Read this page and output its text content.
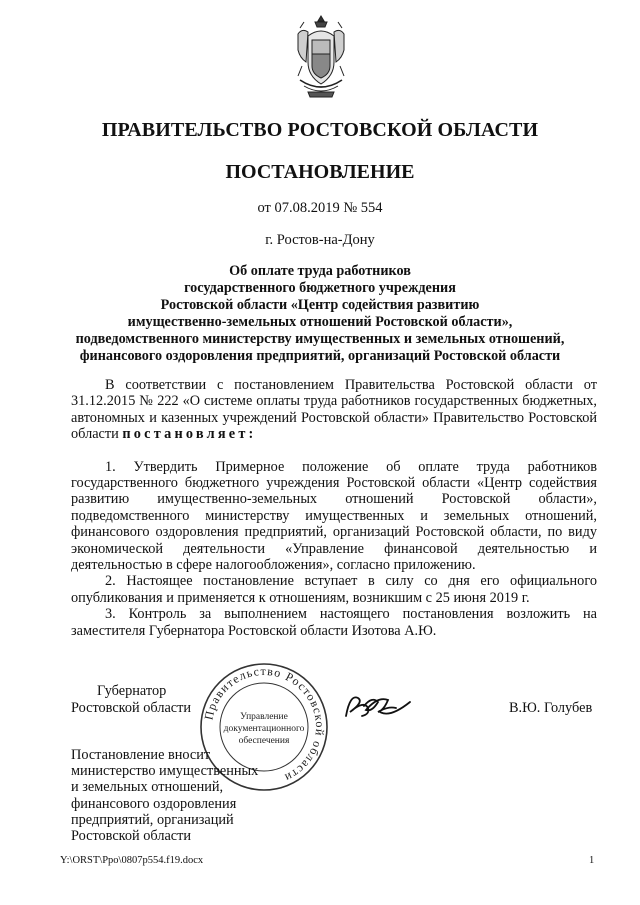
ПРАВИТЕЛЬСТВО РОСТОВСКОЙ ОБЛАСТИ
ПОСТАНОВЛЕНИЕ
от 07.08.2019 № 554
г. Ростов-на-Дону
Об оплате труда работников
государственного бюджетного учреждения
Ростовской области «Центр содействия развитию
имущественно-земельных отношений Ростовской области»,
подведомственного министерству имущественных и земельных отношений,
финансового оздоровления предприятий, организаций Ростовской области

В соответствии с постановлением Правительства Ростовской области от 31.12.2015 № 222 «О системе оплаты труда работников государственных бюджетных, автономных и казенных учреждений Ростовской области» Правительство Ростовской области постановляет:

1. Утвердить Примерное положение об оплате труда работников государственного бюджетного учреждения Ростовской области «Центр содействия развитию имущественно-земельных отношений Ростовской области», подведомственного министерству имущественных и земельных отношений, финансового оздоровления предприятий, организаций Ростовской области, по виду экономической деятельности «Управление финансовой деятельностью и деятельностью в сфере налогообложения», согласно приложению.

2. Настоящее постановление вступает в силу со дня его официального опубликования и применяется к отношениям, возникшим с 25 июня 2019 г.

3. Контроль за выполнением настоящего постановления возложить на заместителя Губернатора Ростовской области Изотова А.Ю.

Правительство Ростовской области
Управление
документационного
обеспечения
Губернатор
Ростовской области	В.Ю. Голубев
Постановление вносит
министерство имущественных
и земельных отношений,
финансового оздоровления
предприятий, организаций
Ростовской области
Y:\ORST\Ppo\0807p554.f19.docx	1
